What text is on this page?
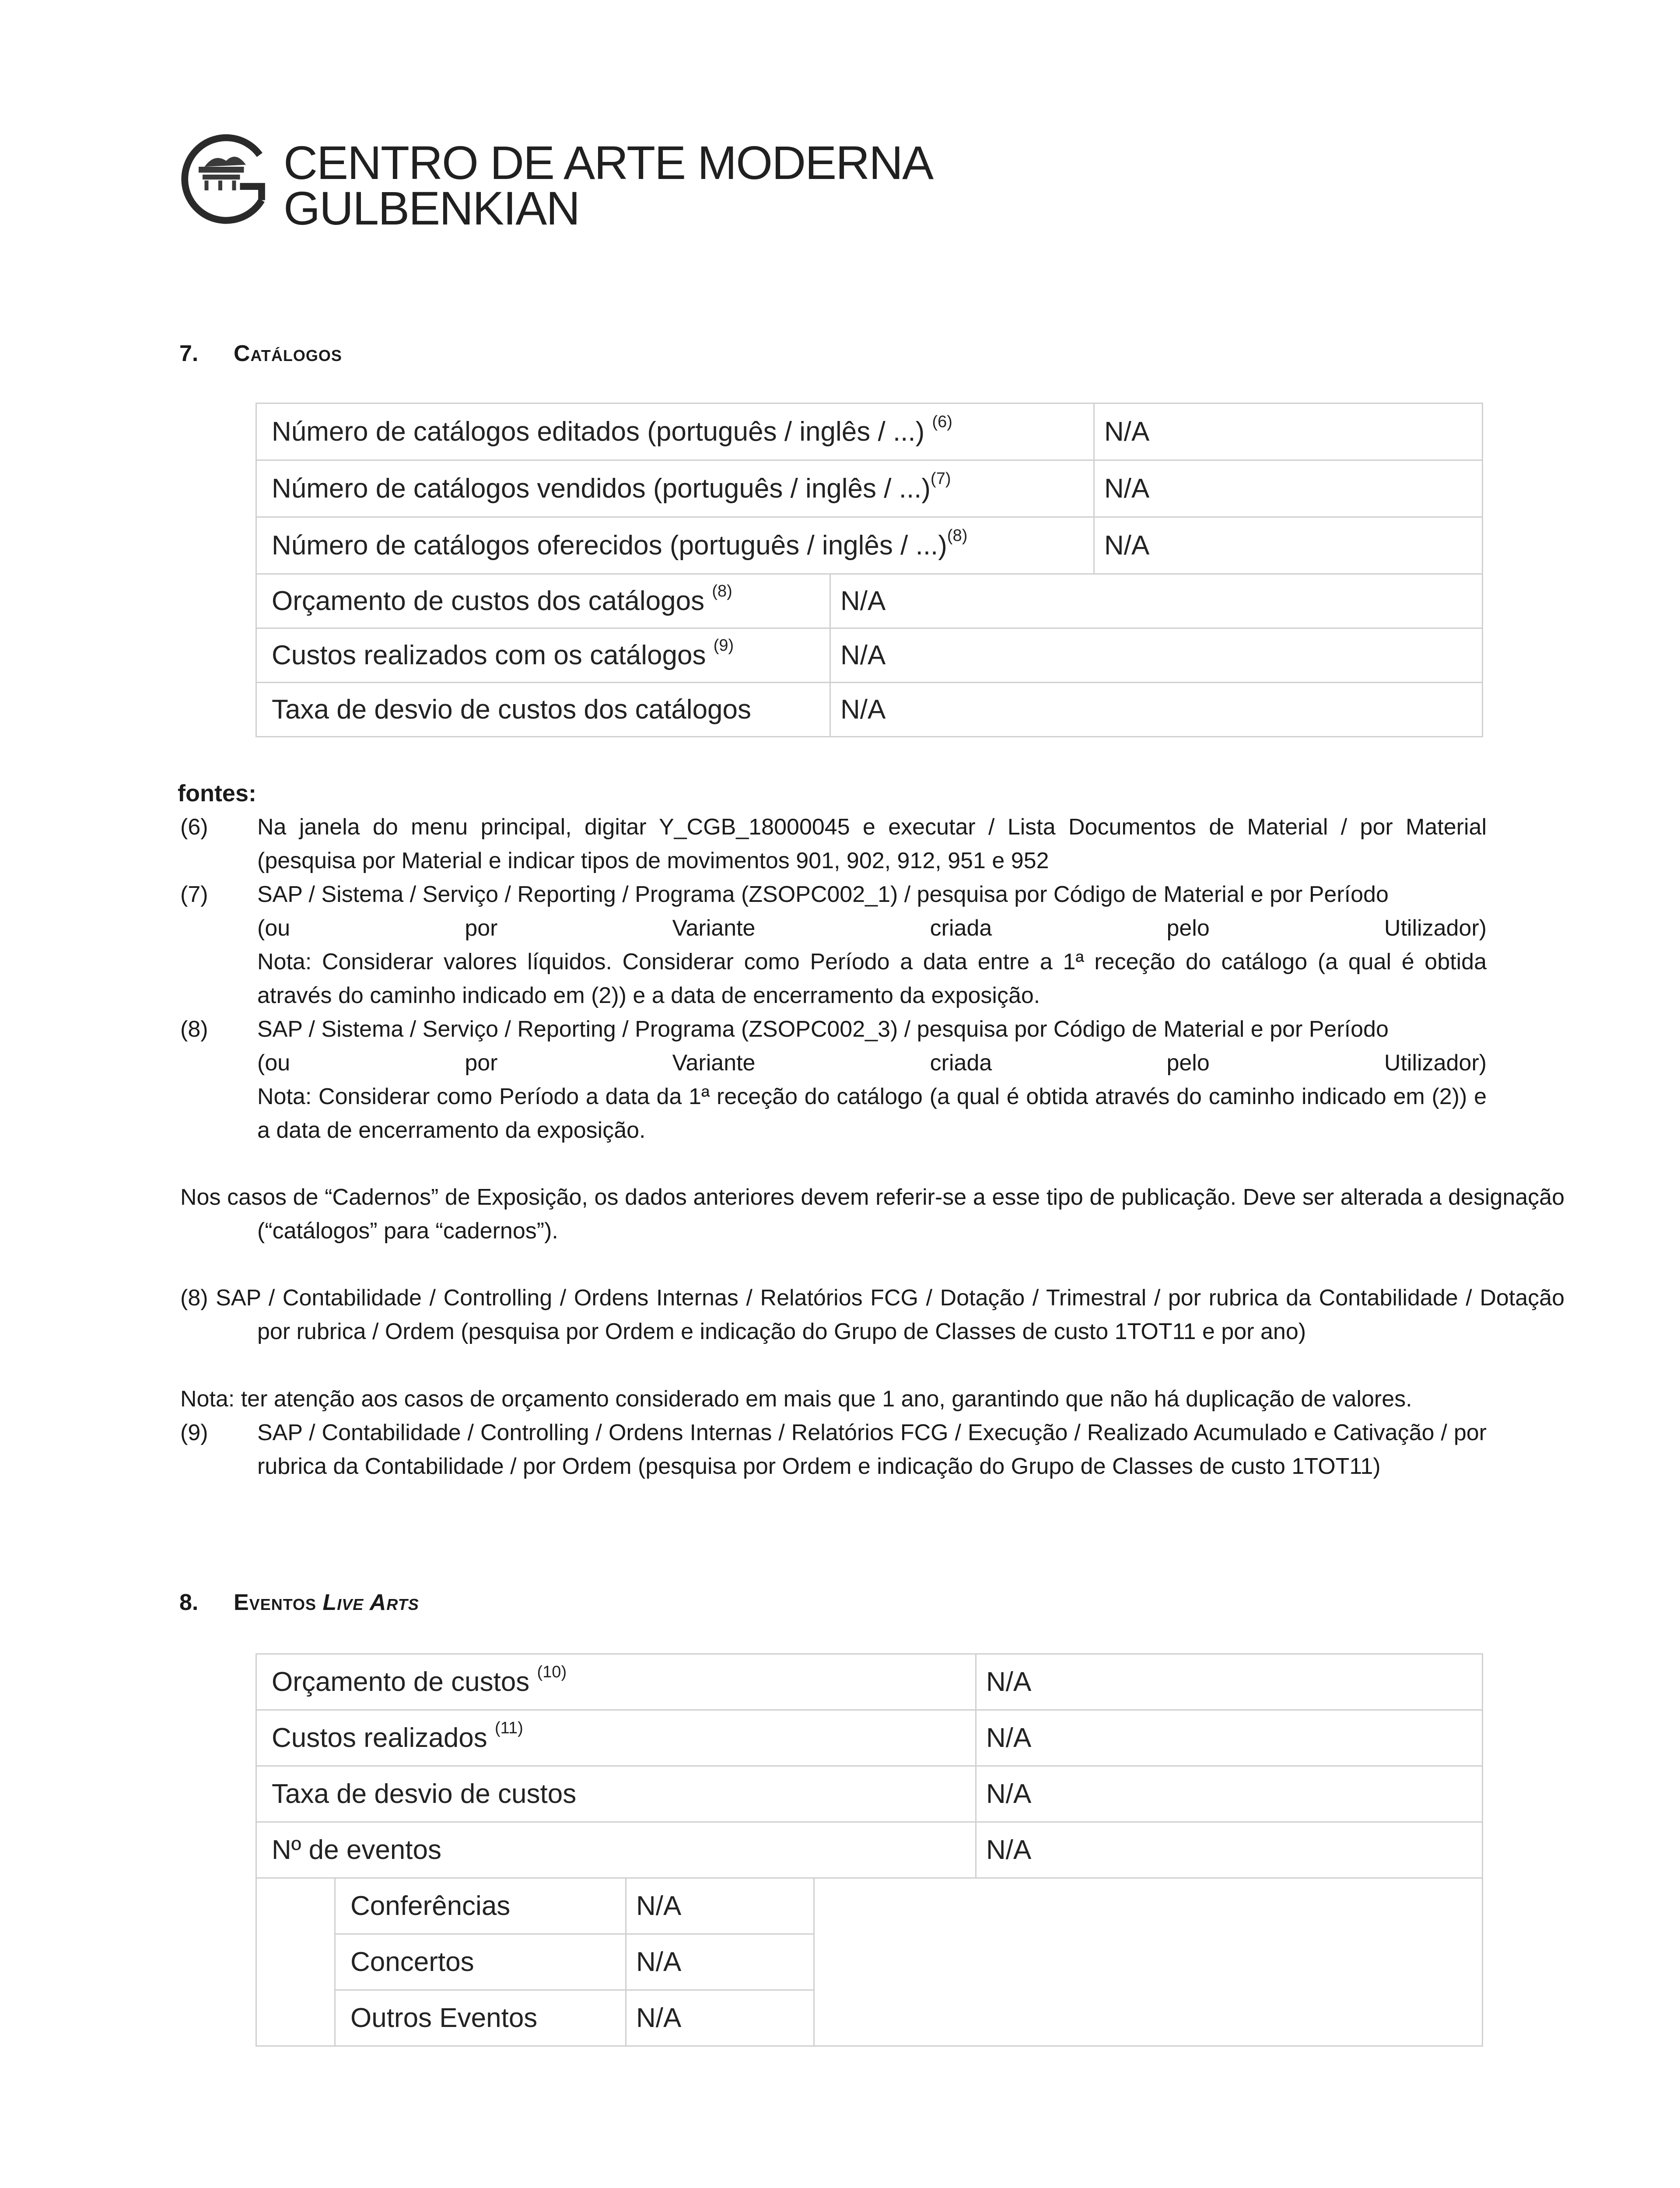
CENTRO DE ARTE MODERNA
GULBENKIAN
7. Catálogos
Número de catálogos editados (português / inglês / ...) $^{(6)}$	N/A
Número de catálogos vendidos (português / inglês / ...)$^{(7)}$	N/A
Número de catálogos oferecidos (português / inglês / ...)$^{(8)}$	N/A
Orçamento de custos dos catálogos $^{(8)}$	N/A
Custos realizados com os catálogos $^{(9)}$	N/A
Taxa de desvio de custos dos catálogos	N/A
fontes:
(6)	Na janela do menu principal, digitar Y_CGB_18000045 e executar / Lista Documentos de Material / por Material (pesquisa por Material e indicar tipos de movimentos 901, 902, 912, 951 e 952
(7)	SAP / Sistema / Serviço / Reporting / Programa (ZSOPC002_1) / pesquisa por Código de Material e por Período
(ou por Variante criada pelo Utilizador)
Nota: Considerar valores líquidos. Considerar como Período a data entre a 1ª receção do catálogo (a qual é obtida através do caminho indicado em (2)) e a data de encerramento da exposição.
(8)	SAP / Sistema / Serviço / Reporting / Programa (ZSOPC002_3) / pesquisa por Código de Material e por Período
(ou por Variante criada pelo Utilizador)
Nota: Considerar como Período a data da 1ª receção do catálogo (a qual é obtida através do caminho indicado em (2)) e a data de encerramento da exposição.
Nos casos de “Cadernos” de Exposição, os dados anteriores devem referir-se a esse tipo de publicação. Deve ser alterada a designação (“catálogos” para “cadernos”).
(8) SAP / Contabilidade / Controlling / Ordens Internas / Relatórios FCG / Dotação / Trimestral / por rubrica da Contabilidade / Dotação por rubrica / Ordem (pesquisa por Ordem e indicação do Grupo de Classes de custo 1TOT11 e por ano)
Nota: ter atenção aos casos de orçamento considerado em mais que 1 ano, garantindo que não há duplicação de valores.
(9)	SAP / Contabilidade / Controlling / Ordens Internas / Relatórios FCG / Execução / Realizado Acumulado e Cativação / por rubrica da Contabilidade / por Ordem (pesquisa por Ordem e indicação do Grupo de Classes de custo 1TOT11)
8. Eventos Live Arts
Orçamento de custos $^{(10)}$				N/A
Custos realizados $^{(11)}$				N/A
Taxa de desvio de custos				N/A
Nº de eventos				N/A
	Conferências	N/A		
	Concertos	N/A		
	Outros Eventos	N/A		
